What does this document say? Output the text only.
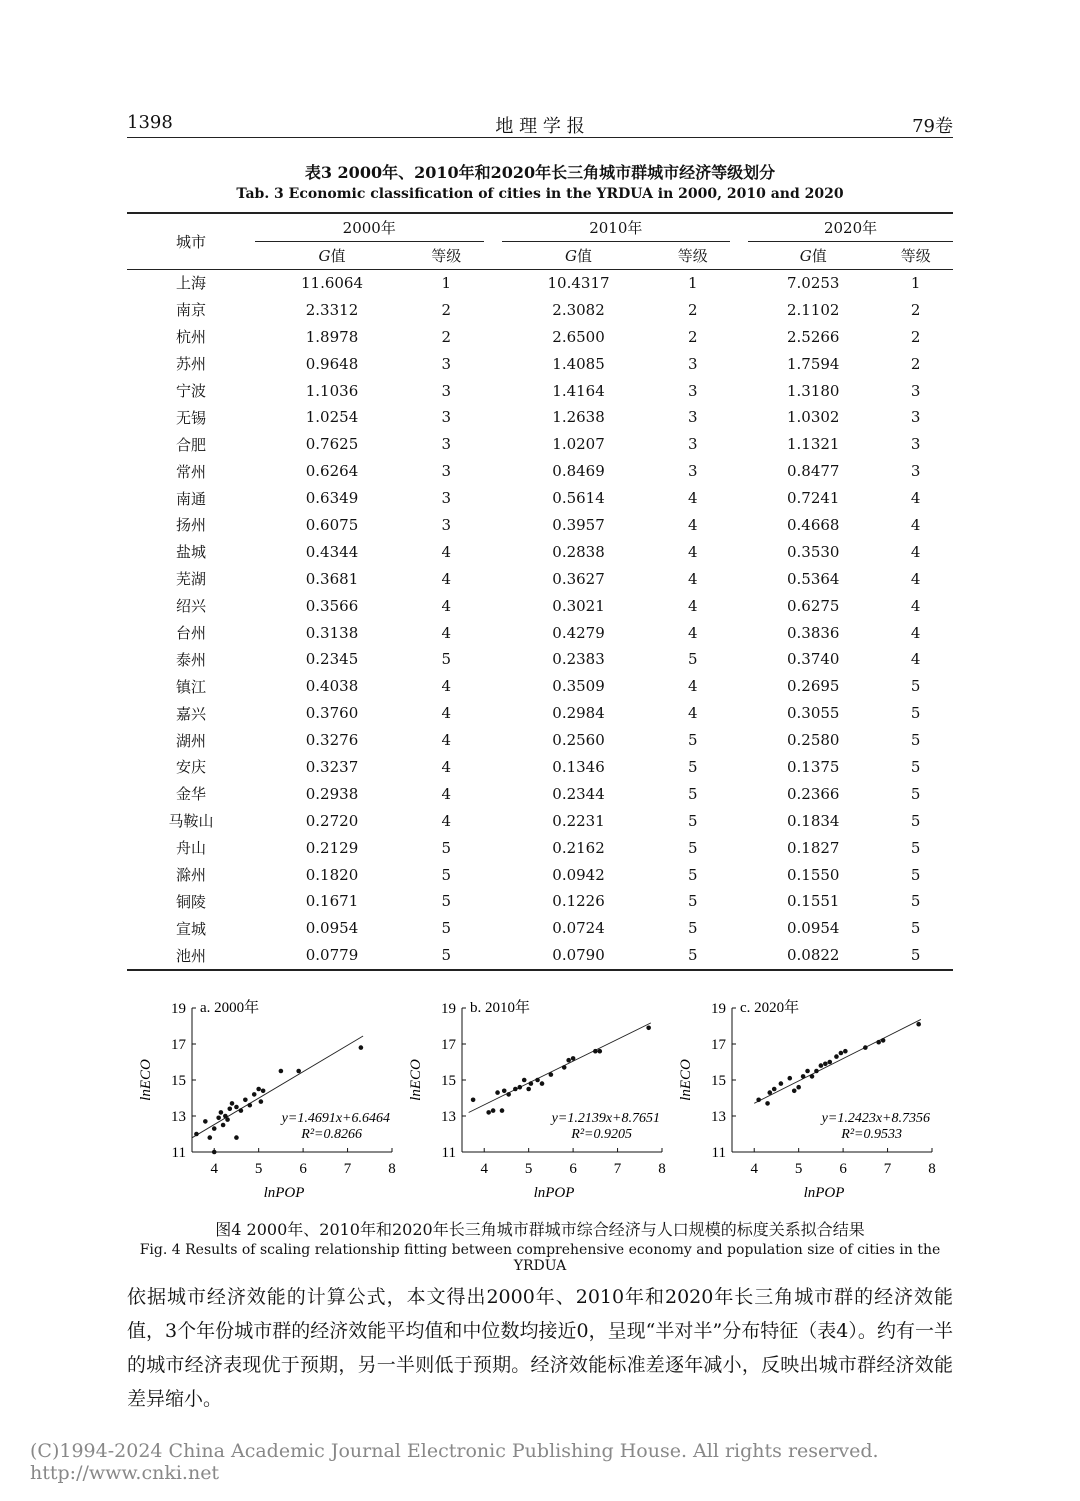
1398	地 理 学 报	79卷
表3 2000年、2010年和2020年长三角城市群城市经济等级划分
Tab. 3 Economic classification of cities in the YRDUA in 2000, 2010 and 2020
城市	2000年			2010年			2020年	
	G值	等级		G值	等级		G值	等级
上海	11.6064	1		10.4317	1		7.0253	1
南京	2.3312	2		2.3082	2		2.1102	2
杭州	1.8978	2		2.6500	2		2.5266	2
苏州	0.9648	3		1.4085	3		1.7594	2
宁波	1.1036	3		1.4164	3		1.3180	3
无锡	1.0254	3		1.2638	3		1.0302	3
合肥	0.7625	3		1.0207	3		1.1321	3
常州	0.6264	3		0.8469	3		0.8477	3
南通	0.6349	3		0.5614	4		0.7241	4
扬州	0.6075	3		0.3957	4		0.4668	4
盐城	0.4344	4		0.2838	4		0.3530	4
芜湖	0.3681	4		0.3627	4		0.5364	4
绍兴	0.3566	4		0.3021	4		0.6275	4
台州	0.3138	4		0.4279	4		0.3836	4
泰州	0.2345	5		0.2383	5		0.3740	4
镇江	0.4038	4		0.3509	4		0.2695	5
嘉兴	0.3760	4		0.2984	4		0.3055	5
湖州	0.3276	4		0.2560	5		0.2580	5
安庆	0.3237	4		0.1346	5		0.1375	5
金华	0.2938	4		0.2344	5		0.2366	5
马鞍山	0.2720	4		0.2231	5		0.1834	5
舟山	0.2129	5		0.2162	5		0.1827	5
滁州	0.1820	5		0.0942	5		0.1550	5
铜陵	0.1671	5		0.1226	5		0.1551	5
宣城	0.0954	5		0.0724	5		0.0954	5
池州	0.0779	5		0.0790	5		0.0822	5
11
13
15
17
19
4 5 6 7 8
a. 2000年
lnPOP
lnECO
y=1.4691x+6.6464
R²=0.8266
11
13
15
17
19
4 5 6 7 8
b. 2010年
lnPOP
lnECO
y=1.2139x+8.7651
R²=0.9205
11
13
15
17
19
4 5 6 7 8
c. 2020年
lnPOP
lnECO
y=1.2423x+8.7356
R²=0.9533
图4 2000年、2010年和2020年长三角城市群城市综合经济与人口规模的标度关系拟合结果
Fig. 4 Results of scaling relationship fitting between comprehensive economy and population size of cities in the YRDUA
依据城市经济效能的计算公式，本文得出2000年、2010年和2020年长三角城市群的经济效能值，3个年份城市群的经济效能平均值和中位数均接近0，呈现“半对半”分布特征（表4）。约有一半的城市经济表现优于预期，另一半则低于预期。经济效能标准差逐年减小，反映出城市群经济效能差异缩小。
(C)1994-2024 China Academic Journal Electronic Publishing House. All rights reserved. http://www.cnki.net
